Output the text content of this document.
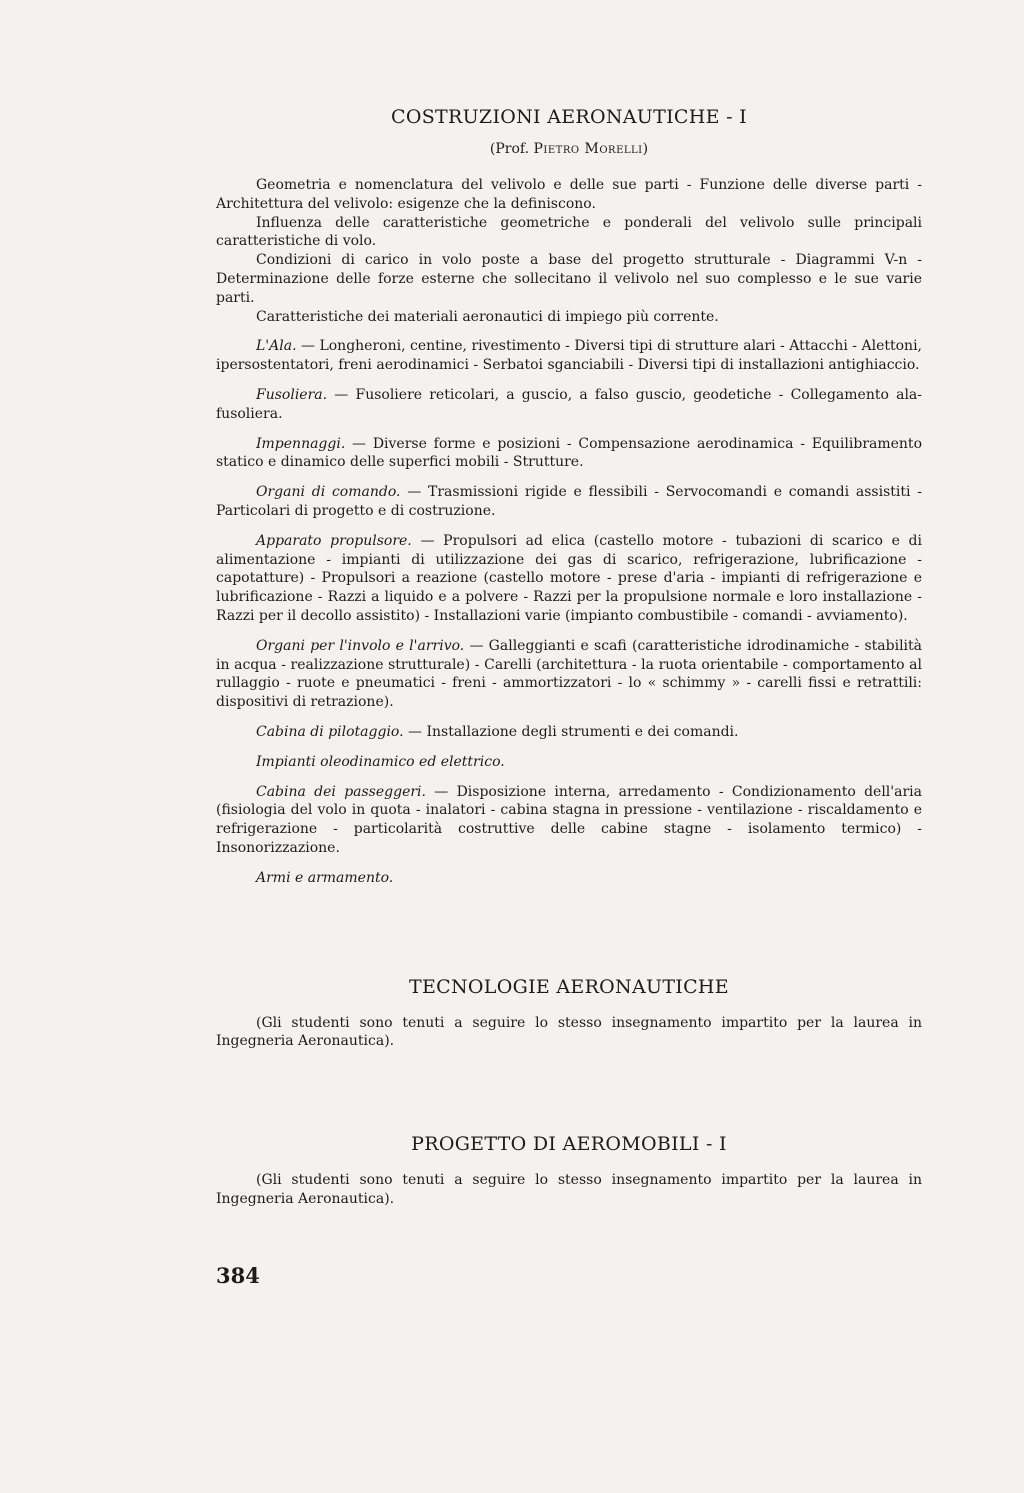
COSTRUZIONI AERONAUTICHE - I
(Prof. Pietro Morelli)

Geometria e nomenclatura del velivolo e delle sue parti - Funzione delle diverse parti - Architettura del velivolo: esigenze che la definiscono.

Influenza delle caratteristiche geometriche e ponderali del velivolo sulle principali caratteristiche di volo.

Condizioni di carico in volo poste a base del progetto strutturale - Diagrammi V-n - Determinazione delle forze esterne che sollecitano il velivolo nel suo complesso e le sue varie parti.

Caratteristiche dei materiali aeronautici di impiego più corrente.

L'Ala. — Longheroni, centine, rivestimento - Diversi tipi di strutture alari - Attacchi - Alettoni, ipersostentatori, freni aerodinamici - Serbatoi sganciabili - Diversi tipi di installazioni antighiaccio.

Fusoliera. — Fusoliere reticolari, a guscio, a falso guscio, geodetiche - Collegamento ala-fusoliera.

Impennaggi. — Diverse forme e posizioni - Compensazione aerodinamica - Equilibramento statico e dinamico delle superfici mobili - Strutture.

Organi di comando. — Trasmissioni rigide e flessibili - Servocomandi e comandi assistiti - Particolari di progetto e di costruzione.

Apparato propulsore. — Propulsori ad elica (castello motore - tubazioni di scarico e di alimentazione - impianti di utilizzazione dei gas di scarico, refrigerazione, lubrificazione - capotatture) - Propulsori a reazione (castello motore - prese d'aria - impianti di refrigerazione e lubrificazione - Razzi a liquido e a polvere - Razzi per la propulsione normale e loro installazione - Razzi per il decollo assistito) - Installazioni varie (impianto combustibile - comandi - avviamento).

Organi per l'involo e l'arrivo. — Galleggianti e scafi (caratteristiche idrodinamiche - stabilità in acqua - realizzazione strutturale) - Carelli (architettura - la ruota orientabile - comportamento al rullaggio - ruote e pneumatici - freni - ammortizzatori - lo « schimmy » - carelli fissi e retrattili: dispositivi di retrazione).

Cabina di pilotaggio. — Installazione degli strumenti e dei comandi.

Impianti oleodinamico ed elettrico.

Cabina dei passeggeri. — Disposizione interna, arredamento - Condizionamento dell'aria (fisiologia del volo in quota - inalatori - cabina stagna in pressione - ventilazione - riscaldamento e refrigerazione - particolarità costruttive delle cabine stagne - isolamento termico) - Insonorizzazione.

Armi e armamento.

TECNOLOGIE AERONAUTICHE

(Gli studenti sono tenuti a seguire lo stesso insegnamento impartito per la laurea in Ingegneria Aeronautica).

PROGETTO DI AEROMOBILI - I

(Gli studenti sono tenuti a seguire lo stesso insegnamento impartito per la laurea in Ingegneria Aeronautica).

384
